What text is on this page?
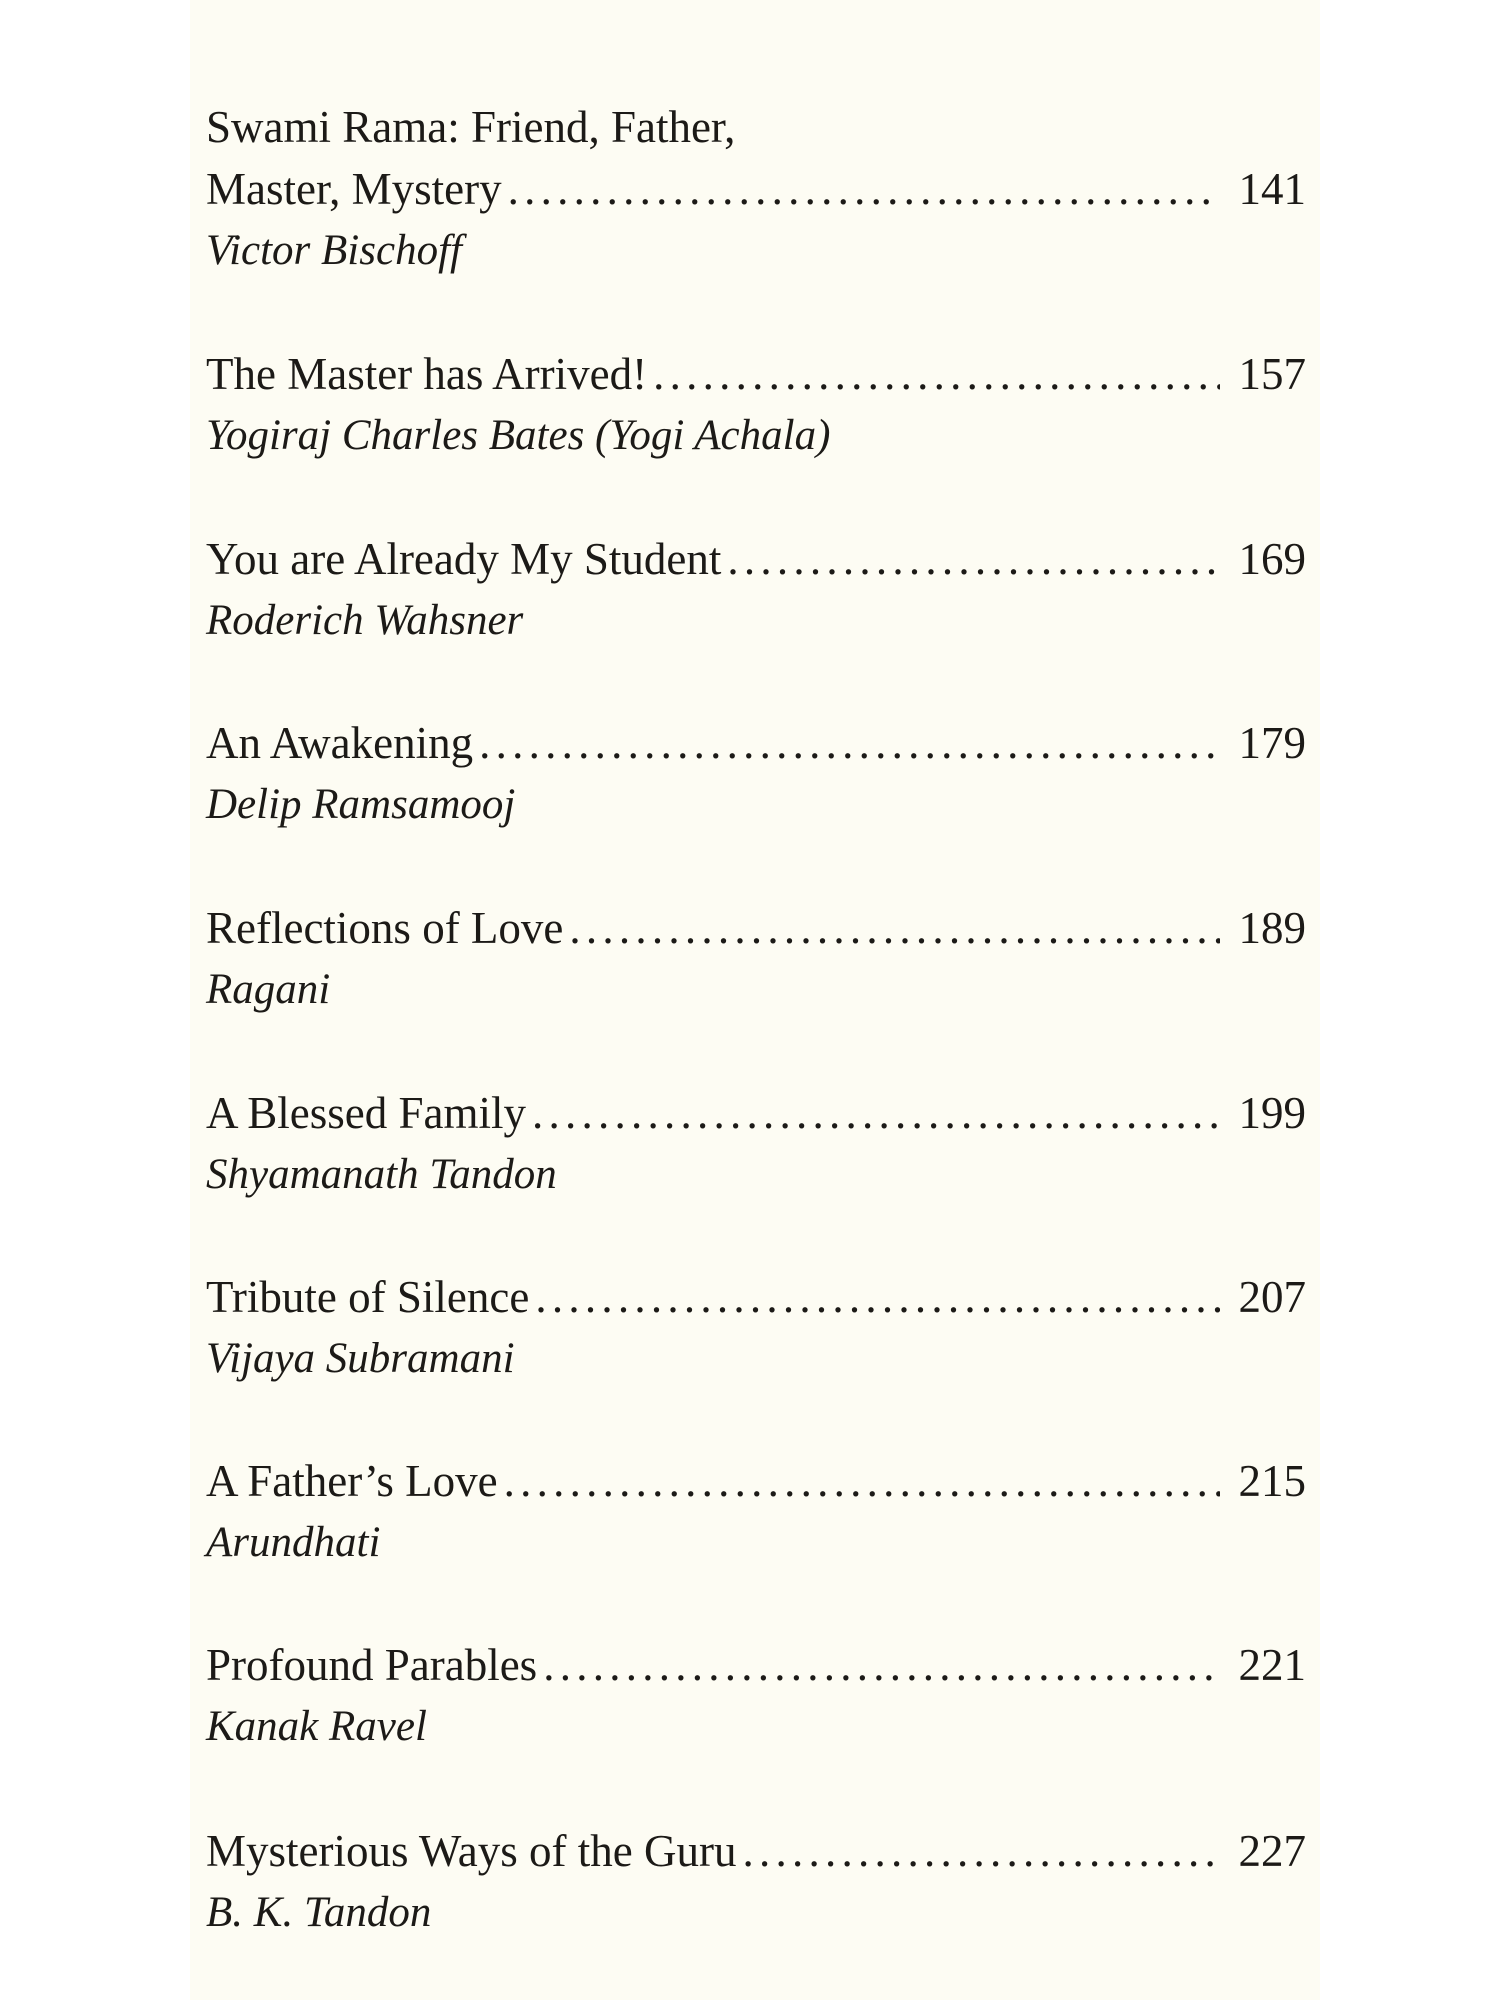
Swami Rama: Friend, Father,
Master, Mystery . . .	141
Victor Bischoff
The Master has Arrived! . . .	157
Yogiraj Charles Bates (Yogi Achala)
You are Already My Student . . .	169
Roderich Wahsner
An Awakening . . .	179
Delip Ramsamooj
Reflections of Love . . .	189
Ragani
A Blessed Family . . .	199
Shyamanath Tandon
Tribute of Silence . . .	207
Vijaya Subramani
A Father’s Love . . .	215
Arundhati
Profound Parables . . .	221
Kanak Ravel
Mysterious Ways of the Guru . . .	227
B. K. Tandon
